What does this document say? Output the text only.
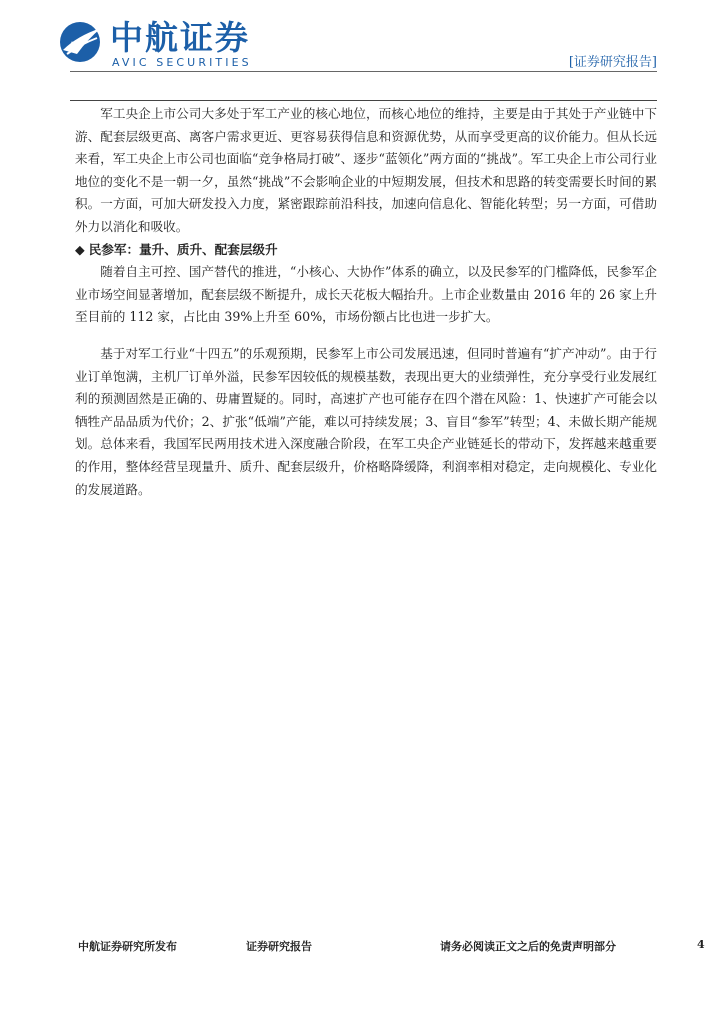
AVIC 中航证券
AVIC SECURITIES	[证券研究报告]

军工央企上市公司大多处于军工产业的核心地位，而核心地位的维持，主要是由于其处于产业链中下游、配套层级更高、离客户需求更近、更容易获得信息和资源优势，从而享受更高的议价能力。但从长远来看，军工央企上市公司也面临“竞争格局打破”、逐步“蓝领化”两方面的“挑战”。军工央企上市公司行业地位的变化不是一朝一夕，虽然“挑战”不会影响企业的中短期发展，但技术和思路的转变需要长时间的累积。一方面，可加大研发投入力度，紧密跟踪前沿科技，加速向信息化、智能化转型；另一方面，可借助外力以消化和吸收。

◆ 民参军：量升、质升、配套层级升

随着自主可控、国产替代的推进，“小核心、大协作”体系的确立，以及民参军的门槛降低，民参军企业市场空间显著增加，配套层级不断提升，成长天花板大幅抬升。上市企业数量由 2016 年的 26 家上升至目前的 112 家，占比由 39%上升至 60%，市场份额占比也进一步扩大。

基于对军工行业“十四五”的乐观预期，民参军上市公司发展迅速，但同时普遍有“扩产冲动”。由于行业订单饱满，主机厂订单外溢，民参军因较低的规模基数，表现出更大的业绩弹性，充分享受行业发展红利的预测固然是正确的、毋庸置疑的。同时，高速扩产也可能存在四个潜在风险：1、快速扩产可能会以牺牲产品品质为代价；2、扩张“低端”产能，难以可持续发展；3、盲目“参军”转型；4、未做长期产能规划。总体来看，我国军民两用技术进入深度融合阶段，在军工央企产业链延长的带动下，发挥越来越重要的作用，整体经营呈现量升、质升、配套层级升，价格略降缓降，利润率相对稳定，走向规模化、专业化的发展道路。

中航证券研究所发布	证券研究报告	请务必阅读正文之后的免责声明部分	4
